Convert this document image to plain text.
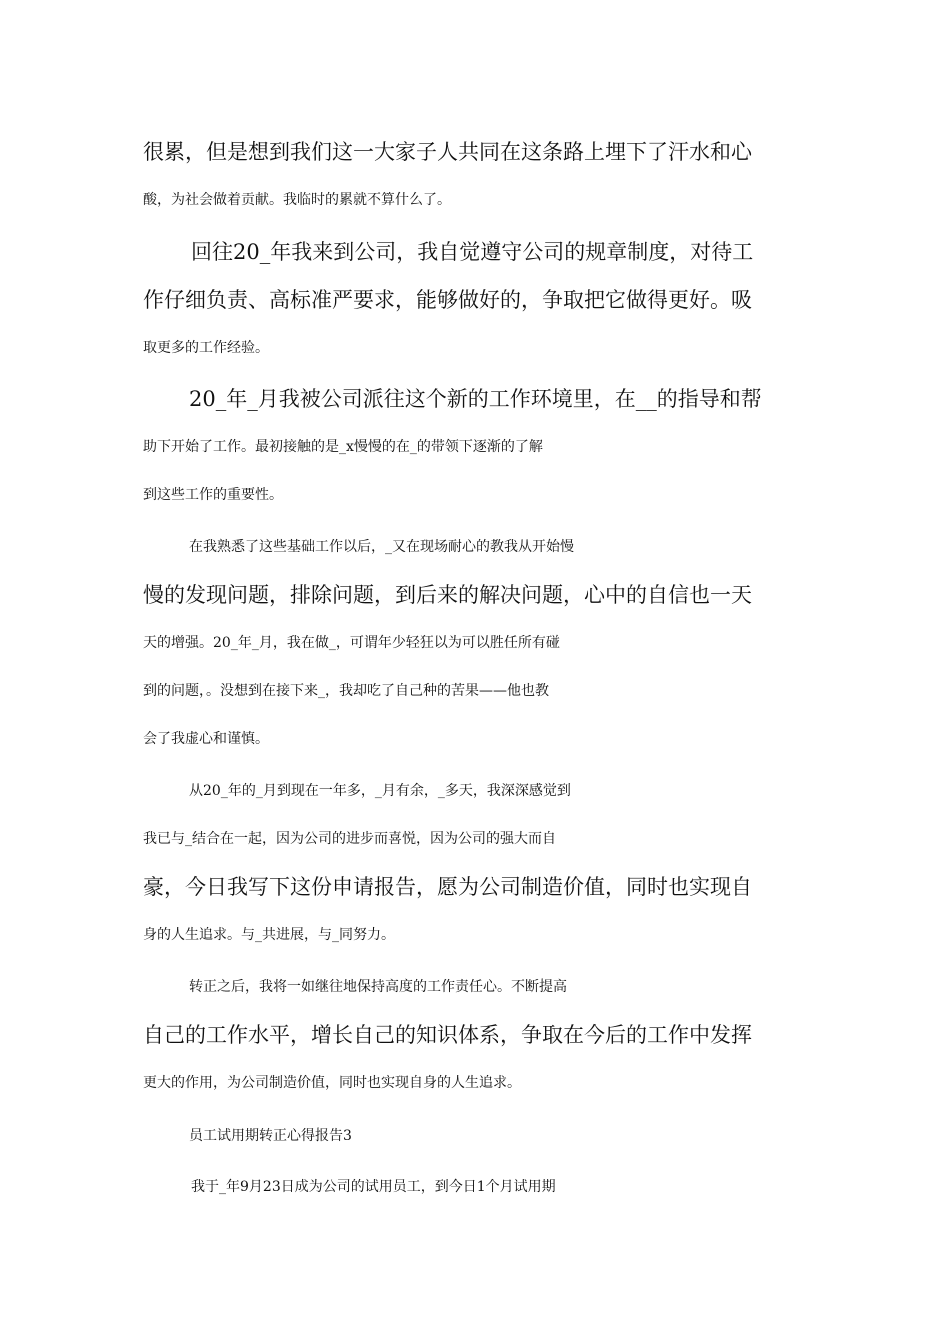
很累，但是想到我们这一大家子人共同在这条路上埋下了汗水和心
酸，为社会做着贡献。我临时的累就不算什么了。
回往20_年我来到公司，我自觉遵守公司的规章制度，对待工
作仔细负责、高标准严要求，能够做好的，争取把它做得更好。吸
取更多的工作经验。
20_年_月我被公司派往这个新的工作环境里，在__的指导和帮
助下开始了工作。最初接触的是_x慢慢的在_的带领下逐渐的了解
到这些工作的重要性。
在我熟悉了这些基础工作以后，_又在现场耐心的教我从开始慢
慢的发现问题，排除问题，到后来的解决问题，心中的自信也一天
天的增强。20_年_月，我在做_，可谓年少轻狂以为可以胜任所有碰
到的问题，。没想到在接下来_，我却吃了自己种的苦果——他也教
会了我虚心和谨慎。
从20_年的_月到现在一年多，_月有余，_多天，我深深感觉到
我已与_结合在一起，因为公司的进步而喜悦，因为公司的强大而自
豪，今日我写下这份申请报告，愿为公司制造价值，同时也实现自
身的人生追求。与_共进展，与_同努力。
转正之后，我将一如继往地保持高度的工作责任心。不断提高
自己的工作水平，增长自己的知识体系，争取在今后的工作中发挥
更大的作用，为公司制造价值，同时也实现自身的人生追求。
员工试用期转正心得报告3
我于_年9月23日成为公司的试用员工，到今日1个月试用期
